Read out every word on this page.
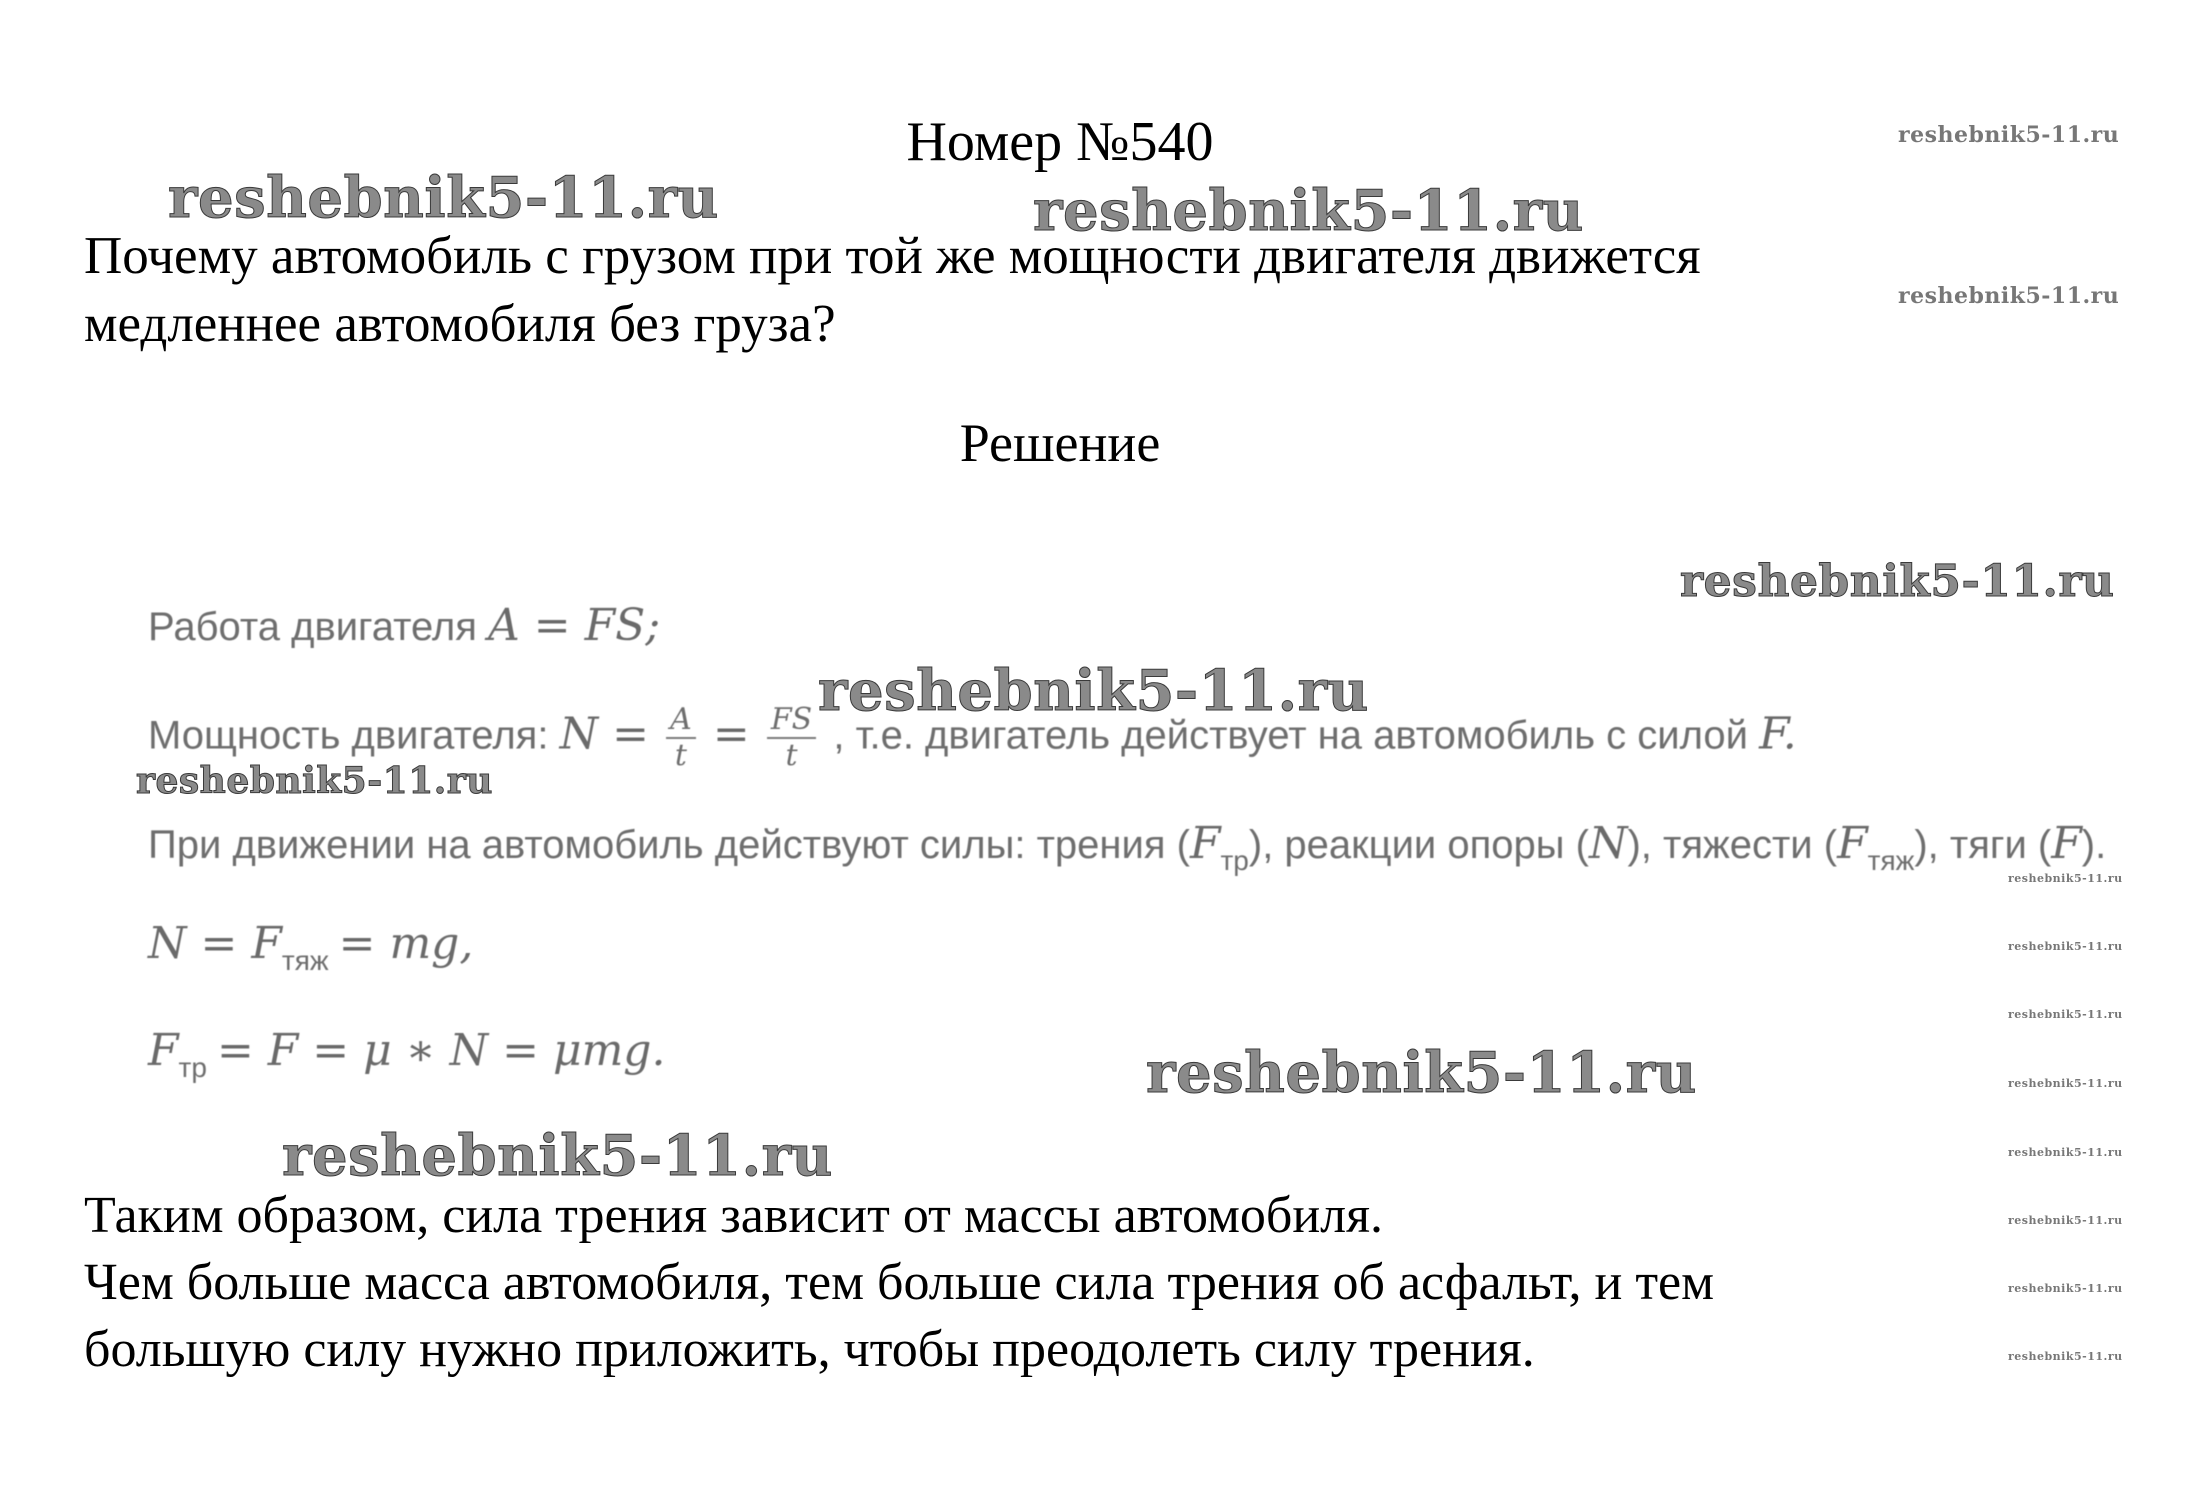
Номер №540
Почему автомобиль с грузом при той же мощности двигателя движется
медленнее автомобиля без груза?
Решение
Работа двигателя A = FS;
Мощность двигателя: $N = \frac{A}{t} = \frac{FS}{t}$ , т.е. двигатель действует на автомобиль с силой F.
При движении на автомобиль действуют силы: трения $(F_{тр})$, реакции опоры (N), тяжести $(F_{тяж})$, тяги (F).
$N = F_{тяж}$ = mg,
$F_{тр} = F = \mu$ ∗ N = μmg.
Таким образом, сила трения зависит от массы автомобиля.
Чем больше масса автомобиля, тем больше сила трения об асфальт, и тем
большую силу нужно приложить, чтобы преодолеть силу трения.
reshebnik5-11.ru	reshebnik5-11.ru
reshebnik5-11.ru
reshebnik5-11.ru
reshebnik5-11.ru
reshebnik5-11.ru
reshebnik5-11.ru
reshebnik5-11.ru
reshebnik5-11.ru
reshebnik5-11.ru
reshebnik5-11.ru
reshebnik5-11.ru
reshebnik5-11.ru
reshebnik5-11.ru
reshebnik5-11.ru
reshebnik5-11.ru
reshebnik5-11.ru
